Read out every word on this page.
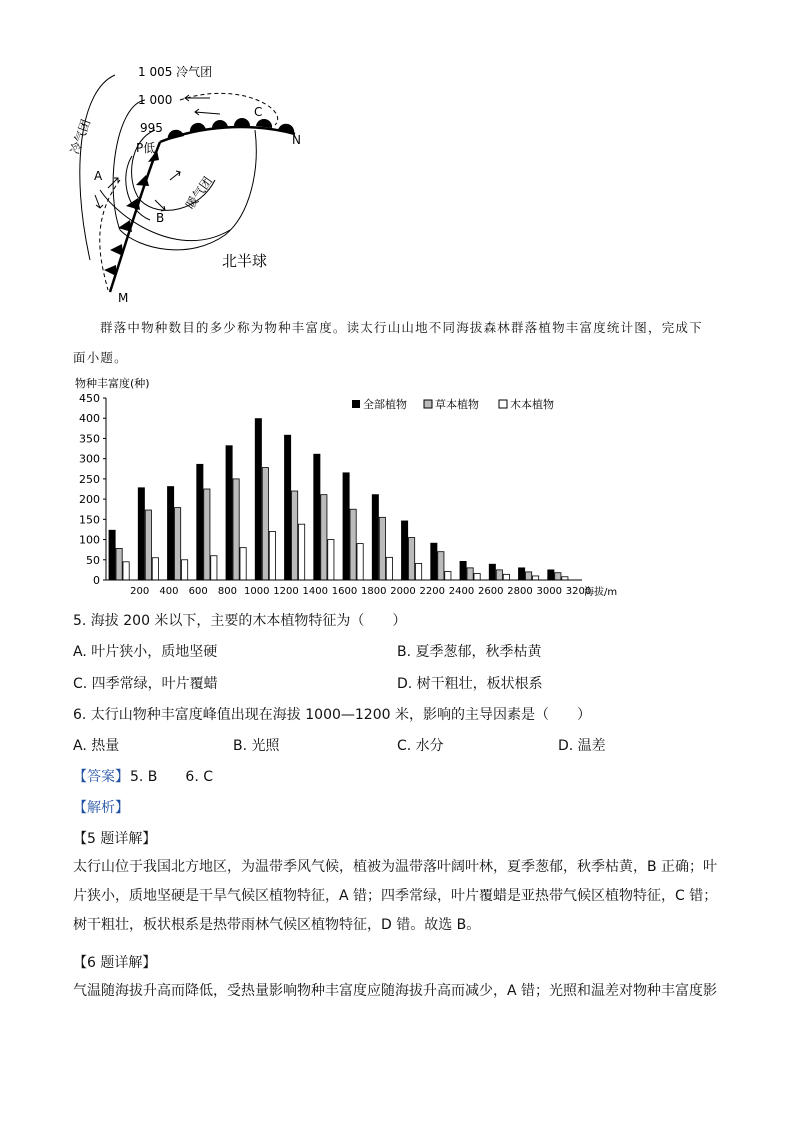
1 005 冷气团
1 000
995
P低
冷气团
暖气团
A
B
C
N
M
北半球
群落中物种数目的多少称为物种丰富度。读太行山山地不同海拔森林群落植物丰富度统计图，完成下
面小题。
物种丰富度(种)
0
50
100
150
200
250
300
350
400
450
200 400 600 800 1000 1200 1400 1600 1800 2000 2200 2400 2600 2800 3000 3200
海拔/m
全部植物	草本植物	木本植物
5. 海拔 200 米以下，主要的木本植物特征为（　　）
A. 叶片狭小，质地坚硬	B. 夏季葱郁，秋季枯黄
C. 四季常绿，叶片覆蜡	D. 树干粗壮，板状根系
6. 太行山物种丰富度峰值出现在海拔 1000—1200 米，影响的主导因素是（　　）
A. 热量	B. 光照	C. 水分	D. 温差
【答案】 5. B　　6. C
【解析】
【5 题详解】
太行山位于我国北方地区，为温带季风气候，植被为温带落叶阔叶林，夏季葱郁，秋季枯黄，B 正确；叶
片狭小，质地坚硬是干旱气候区植物特征，A 错；四季常绿，叶片覆蜡是亚热带气候区植物特征，C 错；
树干粗壮，板状根系是热带雨林气候区植物特征，D 错。故选 B。
【6 题详解】
气温随海拔升高而降低，受热量影响物种丰富度应随海拔升高而减少，A 错；光照和温差对物种丰富度影
